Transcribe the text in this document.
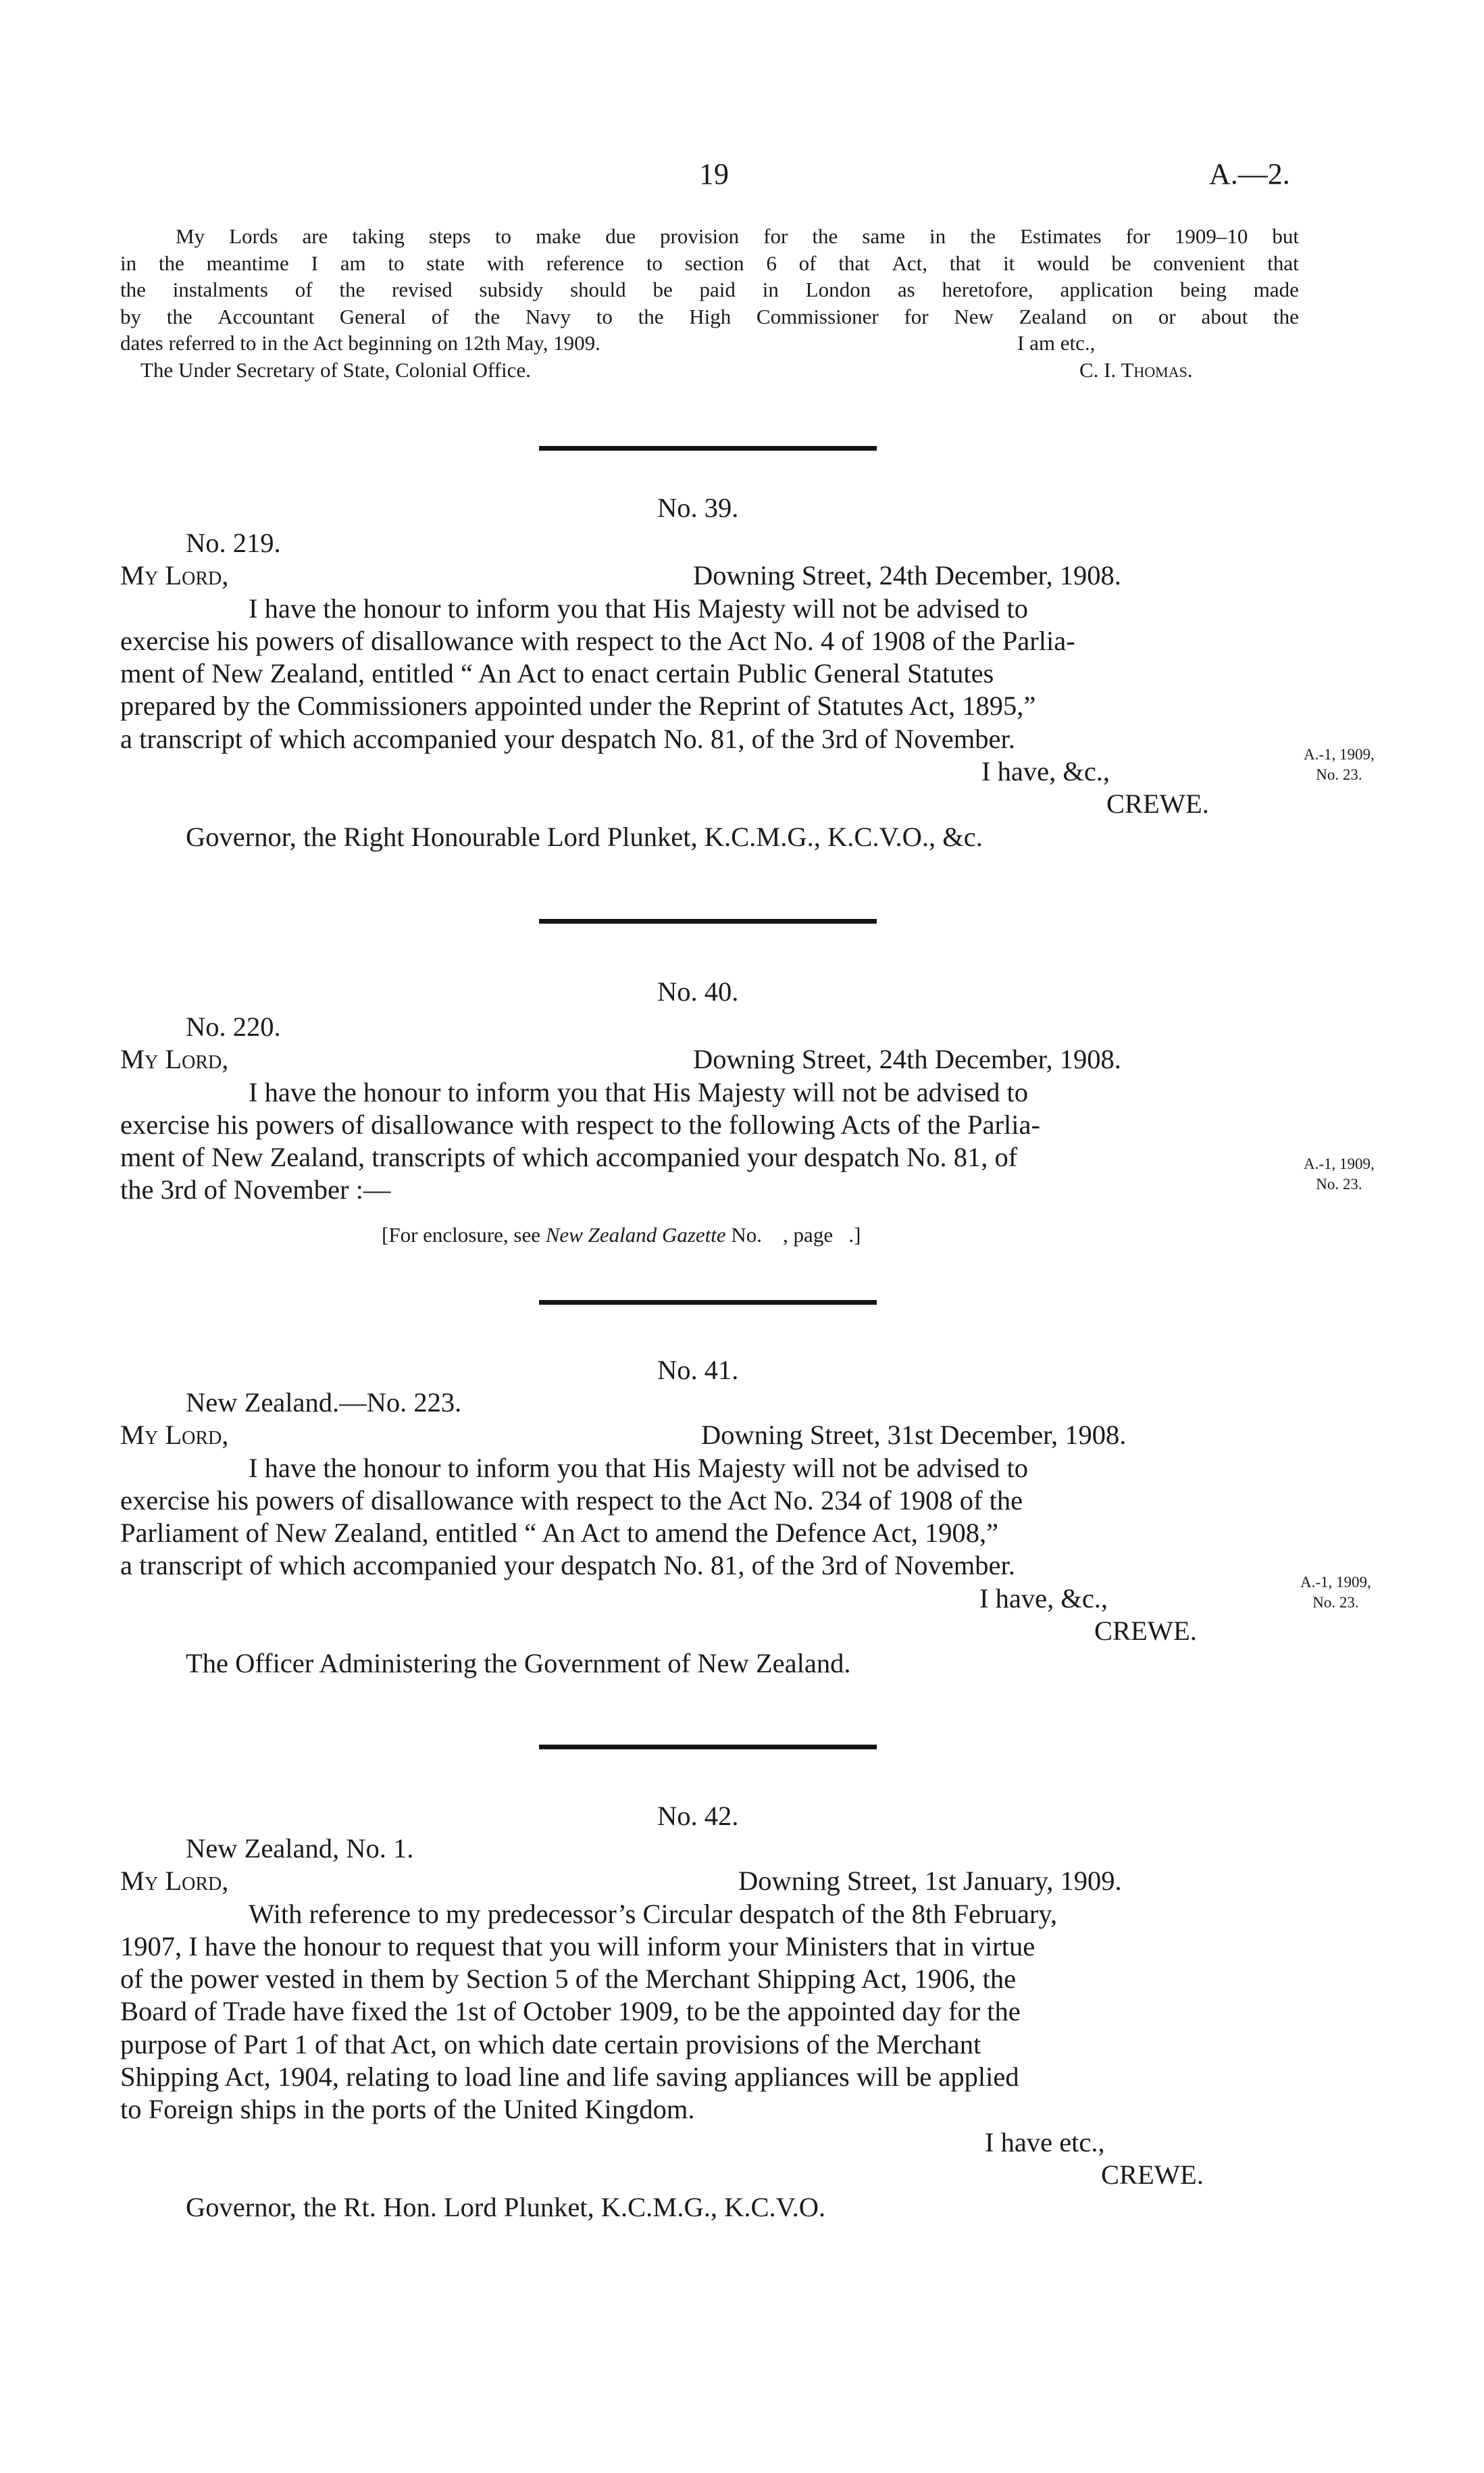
19	A.—2.
My Lords are taking steps to make due provision for the same in the Estimates for 1909–10 but
in the meantime I am to state with reference to section 6 of that Act, that it would be convenient that
the instalments of the revised subsidy should be paid in London as heretofore, application being made
by the Accountant General of the Navy to the High Commissioner for New Zealand on or about the
dates referred to in the Act beginning on 12th May, 1909.	I am etc.,
The Under Secretary of State, Colonial Office.	C. I. Thomas.
No. 39.
No. 219.
My Lord,	Downing Street, 24th December, 1908.
I have the honour to inform you that His Majesty will not be advised to
exercise his powers of disallowance with respect to the Act No. 4 of 1908 of the Parlia-
ment of New Zealand, entitled “ An Act to enact certain Public General Statutes
prepared by the Commissioners appointed under the Reprint of Statutes Act, 1895,”
a transcript of which accompanied your despatch No. 81, of the 3rd of November.
I have, &c.,
CREWE.
Governor, the Right Honourable Lord Plunket, K.C.M.G., K.C.V.O., &c.
A.-1, 1909,
No. 23.
No. 40.
No. 220.
My Lord,	Downing Street, 24th December, 1908.
I have the honour to inform you that His Majesty will not be advised to
exercise his powers of disallowance with respect to the following Acts of the Parlia-
ment of New Zealand, transcripts of which accompanied your despatch No. 81, of
the 3rd of November :—
[For enclosure, see New Zealand Gazette No.    , page   .]
A.-1, 1909,
No. 23.
No. 41.
New Zealand.—No. 223.
My Lord,	Downing Street, 31st December, 1908.
I have the honour to inform you that His Majesty will not be advised to
exercise his powers of disallowance with respect to the Act No. 234 of 1908 of the
Parliament of New Zealand, entitled “ An Act to amend the Defence Act, 1908,”
a transcript of which accompanied your despatch No. 81, of the 3rd of November.
I have, &c.,
CREWE.
The Officer Administering the Government of New Zealand.
A.-1, 1909,
No. 23.
No. 42.
New Zealand, No. 1.
My Lord,	Downing Street, 1st January, 1909.
With reference to my predecessor’s Circular despatch of the 8th February,
1907, I have the honour to request that you will inform your Ministers that in virtue
of the power vested in them by Section 5 of the Merchant Shipping Act, 1906, the
Board of Trade have fixed the 1st of October 1909, to be the appointed day for the
purpose of Part 1 of that Act, on which date certain provisions of the Merchant
Shipping Act, 1904, relating to load line and life saving appliances will be applied
to Foreign ships in the ports of the United Kingdom.
I have etc.,
CREWE.
Governor, the Rt. Hon. Lord Plunket, K.C.M.G., K.C.V.O.
